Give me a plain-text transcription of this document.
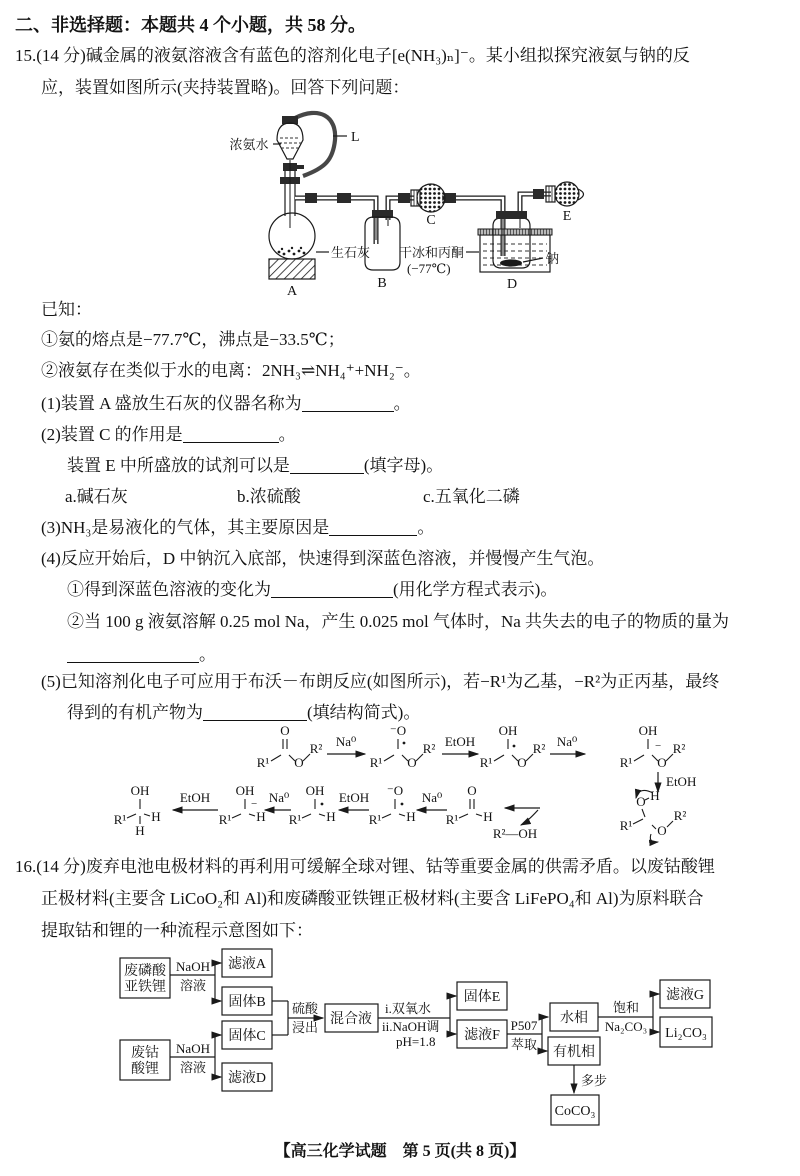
二、非选择题：本题共 4 个小题，共 58 分。
15.(14 分)碱金属的液氨溶液含有蓝色的溶剂化电子[e(NH₃)ₙ]⁻。某小组拟探究液氨与钠的反
应，装置如图所示(夹持装置略)。回答下列问题：
已知：
①氨的熔点是−77.7℃，沸点是−33.5℃；
②液氨存在类似于水的电离：2NH₃⇌NH₄⁺+NH₂⁻。
(1)装置 A 盛放生石灰的仪器名称为	。
(2)装置 C 的作用是	。
装置 E 中所盛放的试剂可以是	(填字母)。
a.碱石灰	b.浓硫酸	c.五氧化二磷
(3)NH₃是易液化的气体，其主要原因是	。
(4)反应开始后，D 中钠沉入底部，快速得到深蓝色溶液，并慢慢产生气泡。
①得到深蓝色溶液的变化为	(用化学方程式表示)。
②当 100 g 液氨溶解 0.25 mol Na，产生 0.025 mol 气体时，Na 共失去的电子的物质的量为
。
(5)已知溶剂化电子可应用于布沃－布朗反应(如图所示)，若−R¹为乙基，−R²为正丙基，最终
得到的有机产物为	(填结构简式)。
16.(14 分)废弃电池电极材料的再利用可缓解全球对锂、钴等重要金属的供需矛盾。以废钴酸锂
正极材料(主要含 LiCoO₂和 Al)和废磷酸亚铁锂正极材料(主要含 LiFePO₄和 Al)为原料联合
提取钴和锂的一种流程示意图如下：
L
浓氨水
生石灰
A
B
C
干冰和丙酮
(−77℃)
钠
D
E
R¹
O
O
R² Na⁰
R¹
⁻O
O
R² EtOH
R¹
OH
O
R² Na⁰
R¹
OH
−
O
R²
EtOH
OH
R¹ H
H
EtOH OH
R¹
−
H
Na⁰ OH
R¹ H
EtOH ⁻O
R¹ H
Na⁰ O
R¹ H
R²—OH
R¹
O H
O
R²
废磷酸
亚铁锂
废钴
酸锂
NaOH
溶液
NaOH
溶液
滤液A
固体B
固体C
滤液D
硫酸
浸出
混合液
i.双氧水
ii.NaOH调
pH=1.8
固体E
滤液F
P507
萃取
水相
有机相
饱和
Na₂CO₃
滤液G
Li₂CO₃
多步
CoCO₃
【高三化学试题　第 5 页(共 8 页)】
